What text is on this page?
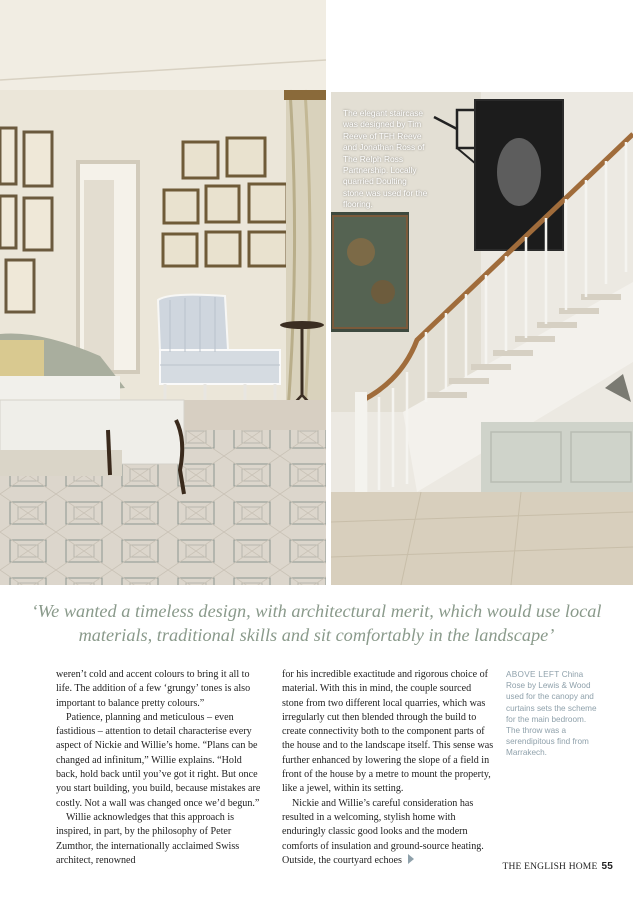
The elegant staircase was designed by Tim Reeve of TFH Reeve and Jonathan Ross of The Relph Ross Partnership. Locally quarried Doulting stone was used for the flooring.
‘We wanted a timeless design, with architectural merit, which would use local materials, traditional skills and sit comfortably in the landscape’

weren’t cold and accent colours to bring it all to life. The addition of a few ‘grungy’ tones is also important to balance pretty colours.”

Patience, planning and meticulous – even fastidious – attention to detail characterise every aspect of Nickie and Willie’s home. “Plans can be changed ad infinitum,” Willie explains. “Hold back, hold back until you’ve got it right. But once you start building, you build, because mistakes are costly. Not a wall was changed once we’d begun.”

Willie acknowledges that this approach is inspired, in part, by the philosophy of Peter Zumthor, the internationally acclaimed Swiss architect, renowned

for his incredible exactitude and rigorous choice of material. With this in mind, the couple sourced stone from two different local quarries, which was irregularly cut then blended through the build to create connectivity both to the component parts of the house and to the landscape itself. This sense was further enhanced by lowering the slope of a field in front of the house by a metre to mount the property, like a jewel, within its setting.

Nickie and Willie’s careful consideration has resulted in a welcoming, stylish home with enduringly classic good looks and the modern comforts of insulation and ground-source heating. Outside, the courtyard echoes

ABOVE LEFT China Rose by Lewis & Wood used for the canopy and curtains sets the scheme for the main bedroom. The throw was a serendipitous find from Marrakech.
THE ENGLISH HOME 55
